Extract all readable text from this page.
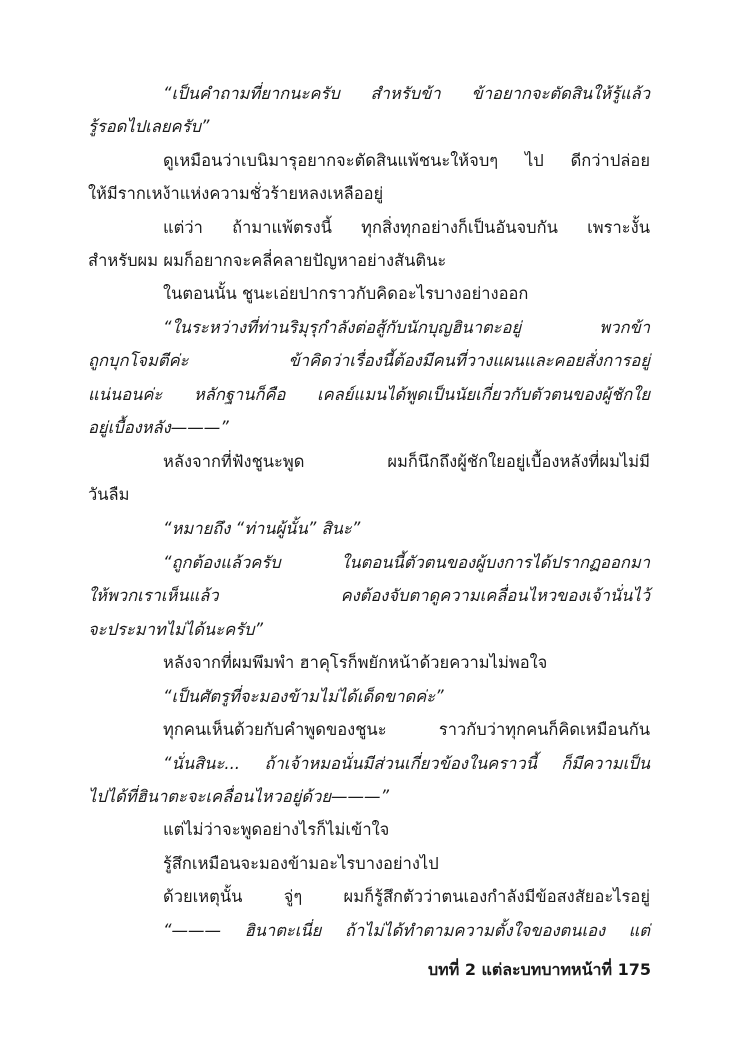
“เป็นคำถามที่ยากนะครับ สำหรับข้า ข้าอยากจะตัดสินให้รู้แล้ว
รู้รอดไปเลยครับ”
ดูเหมือนว่าเบนิมารุอยากจะตัดสินแพ้ชนะให้จบๆ ไป ดีกว่าปล่อย
ให้มีรากเหง้าแห่งความชั่วร้ายหลงเหลืออยู่
แต่ว่า ถ้ามาแพ้ตรงนี้ ทุกสิ่งทุกอย่างก็เป็นอันจบกัน เพราะงั้น
สำหรับผม ผมก็อยากจะคลี่คลายปัญหาอย่างสันตินะ
ในตอนนั้น ชูนะเอ่ยปากราวกับคิดอะไรบางอย่างออก
“ในระหว่างที่ท่านริมุรุกำลังต่อสู้กับนักบุญฮินาตะอยู่ พวกข้า
ถูกบุกโจมตีค่ะ ข้าคิดว่าเรื่องนี้ต้องมีคนที่วางแผนและคอยสั่งการอยู่
แน่นอนค่ะ หลักฐานก็คือ เคลย์แมนได้พูดเป็นนัยเกี่ยวกับตัวตนของผู้ชักใย
อยู่เบื้องหลัง———”
หลังจากที่ฟังชูนะพูด ผมก็นึกถึงผู้ชักใยอยู่เบื้องหลังที่ผมไม่มี
วันลืม
“หมายถึง “ท่านผู้นั้น” สินะ”
“ถูกต้องแล้วครับ ในตอนนี้ตัวตนของผู้บงการได้ปรากฏออกมา
ให้พวกเราเห็นแล้ว คงต้องจับตาดูความเคลื่อนไหวของเจ้านั่นไว้
จะประมาทไม่ได้นะครับ”
หลังจากที่ผมพึมพำ ฮาคุโรก็พยักหน้าด้วยความไม่พอใจ
“เป็นศัตรูที่จะมองข้ามไม่ได้เด็ดขาดค่ะ”
ทุกคนเห็นด้วยกับคำพูดของชูนะ ราวกับว่าทุกคนก็คิดเหมือนกัน
“นั่นสินะ... ถ้าเจ้าหมอนั่นมีส่วนเกี่ยวข้องในคราวนี้ ก็มีความเป็น
ไปได้ที่ฮินาตะจะเคลื่อนไหวอยู่ด้วย———”
แต่ไม่ว่าจะพูดอย่างไรก็ไม่เข้าใจ
รู้สึกเหมือนจะมองข้ามอะไรบางอย่างไป
ด้วยเหตุนั้น จู่ๆ ผมก็รู้สึกตัวว่าตนเองกำลังมีข้อสงสัยอะไรอยู่
“——— ฮินาตะเนี่ย ถ้าไม่ได้ทำตามความตั้งใจของตนเอง แต่
บทที่ 2 แต่ละบทบาทหน้าที่ 175
